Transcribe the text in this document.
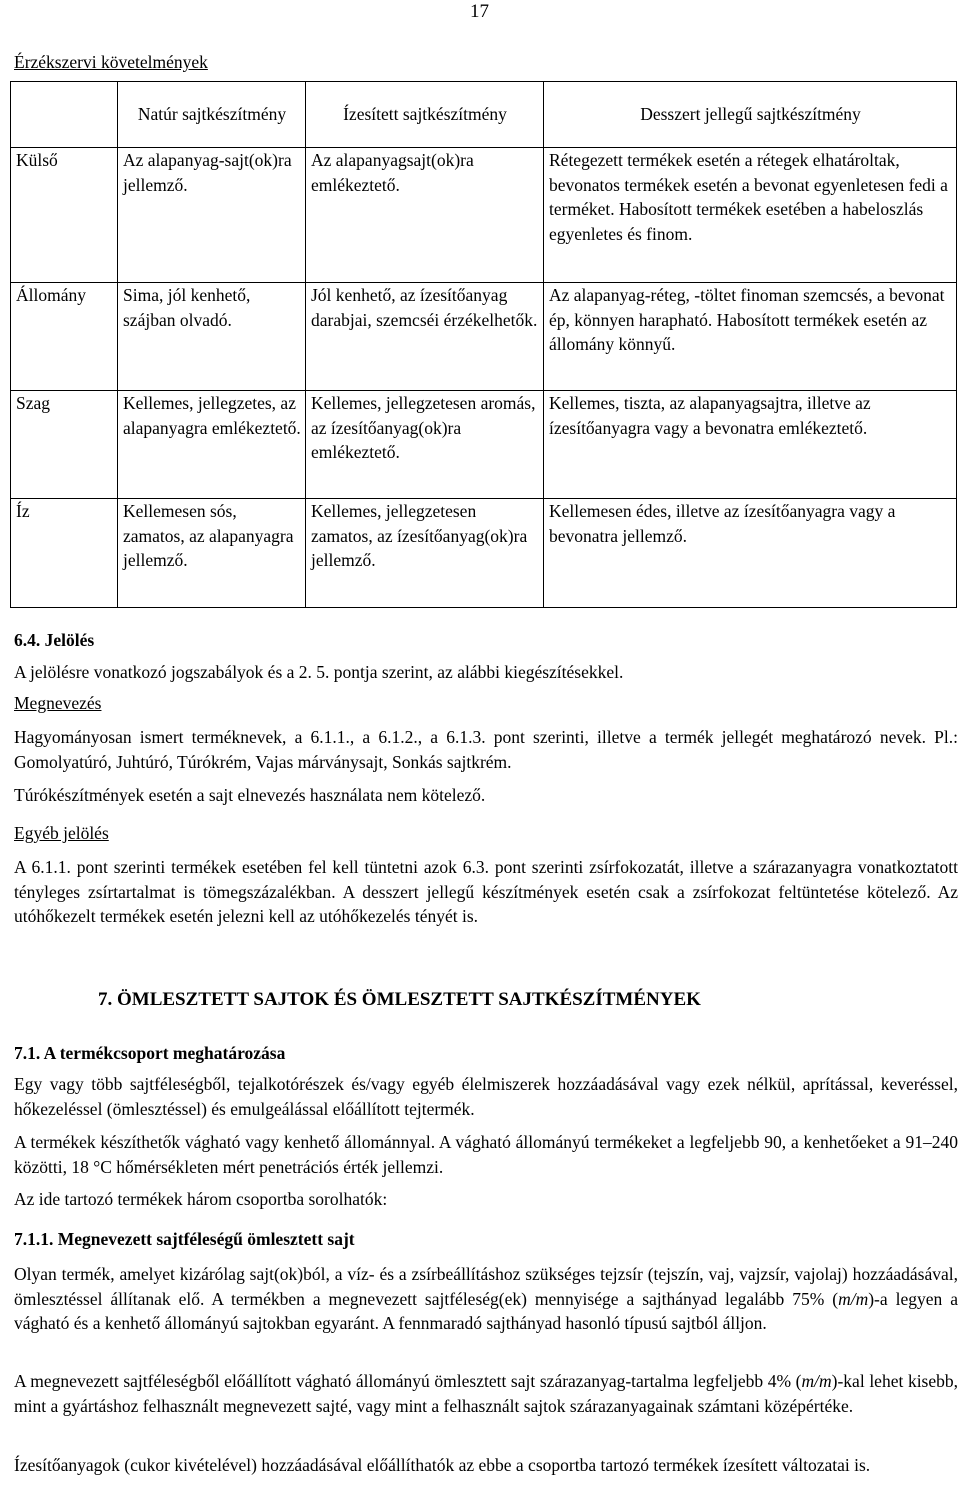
17
Érzékszervi követelmények
	Natúr sajtkészítmény	Ízesített sajtkészítmény	Desszert jellegű sajtkészítmény
Külső	Az alapanyag-sajt(ok)ra jellemző.	Az alapanyagsajt(ok)ra emlékeztető.	Rétegezett termékek esetén a rétegek elhatároltak, bevonatos termékek esetén a bevonat egyenletesen fedi a terméket. Habosított termékek esetében a habeloszlás egyenletes és finom.
Állomány	Sima, jól kenhető, szájban olvadó.	Jól kenhető, az ízesítőanyag darabjai, szemcséi érzékelhetők.	Az alapanyag-réteg, -töltet finoman szemcsés, a bevonat ép, könnyen harapható. Habosított termékek esetén az állomány könnyű.
Szag	Kellemes, jellegzetes, az alapanyagra emlékeztető.	Kellemes, jellegzetesen aromás, az ízesítőanyag(ok)ra emlékeztető.	Kellemes, tiszta, az alapanyagsajtra, illetve az ízesítőanyagra vagy a bevonatra emlékeztető.
Íz	Kellemesen sós, zamatos, az alapanyagra jellemző.	Kellemes, jellegzetesen zamatos, az ízesítőanyag(ok)ra jellemző.	Kellemesen édes, illetve az ízesítőanyagra vagy a bevonatra jellemző.
6.4. Jelölés
A jelölésre vonatkozó jogszabályok és a 2. 5. pontja szerint, az alábbi kiegészítésekkel.
Megnevezés
Hagyományosan ismert terméknevek, a 6.1.1., a 6.1.2., a 6.1.3. pont szerinti, illetve a termék jellegét meghatározó nevek. Pl.: Gomolyatúró, Juhtúró, Túrókrém, Vajas márványsajt, Sonkás sajtkrém.
Túrókészítmények esetén a sajt elnevezés használata nem kötelező.
Egyéb jelölés
A 6.1.1. pont szerinti termékek esetében fel kell tüntetni azok 6.3. pont szerinti zsírfokozatát, illetve a szárazanyagra vonatkoztatott tényleges zsírtartalmat is tömegszázalékban. A desszert jellegű készítmények esetén csak a zsírfokozat feltüntetése kötelező. Az utóhőkezelt termékek esetén jelezni kell az utóhőkezelés tényét is.
7. ÖMLESZTETT SAJTOK ÉS ÖMLESZTETT SAJTKÉSZÍTMÉNYEK
7.1. A termékcsoport meghatározása
Egy vagy több sajtféleségből, tejalkotórészek és/vagy egyéb élelmiszerek hozzáadásával vagy ezek nélkül, aprítással, keveréssel, hőkezeléssel (ömlesztéssel) és emulgeálással előállított tejtermék.
A termékek készíthetők vágható vagy kenhető állománnyal. A vágható állományú termékeket a legfeljebb 90, a kenhetőeket a 91–240 közötti, 18 °C hőmérsékleten mért penetrációs érték jellemzi.
Az ide tartozó termékek három csoportba sorolhatók:
7.1.1. Megnevezett sajtféleségű ömlesztett sajt
Olyan termék, amelyet kizárólag sajt(ok)ból, a víz- és a zsírbeállításhoz szükséges tejzsír (tejszín, vaj, vajzsír, vajolaj) hozzáadásával, ömlesztéssel állítanak elő. A termékben a megnevezett sajtféleség(ek) mennyisége a sajthányad legalább 75% (m/m)-a legyen a vágható és a kenhető állományú sajtokban egyaránt. A fennmaradó sajthányad hasonló típusú sajtból álljon.
A megnevezett sajtféleségből előállított vágható állományú ömlesztett sajt szárazanyag-tartalma legfeljebb 4% (m/m)-kal lehet kisebb, mint a gyártáshoz felhasznált megnevezett sajté, vagy mint a felhasznált sajtok szárazanyagainak számtani középértéke.
Ízesítőanyagok (cukor kivételével) hozzáadásával előállíthatók az ebbe a csoportba tartozó termékek ízesített változatai is.
